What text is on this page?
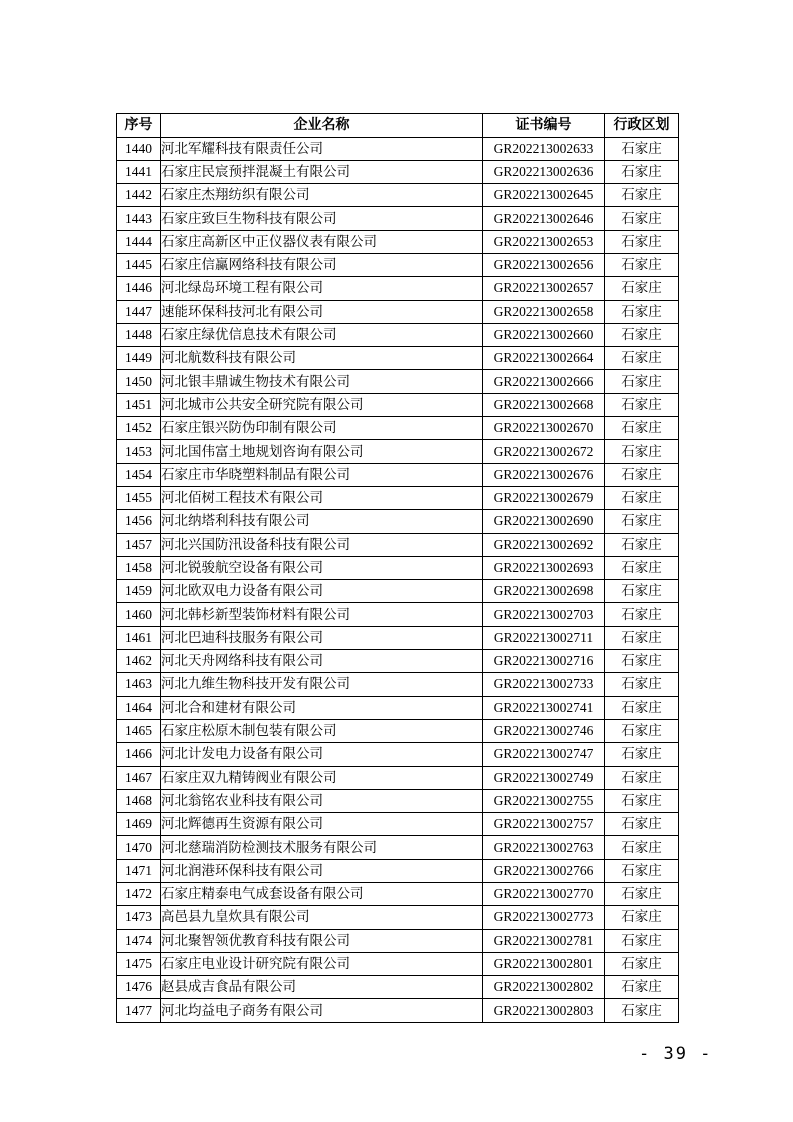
序号	企业名称	证书编号	行政区划
1440	河北军耀科技有限责任公司	GR202213002633	石家庄
1441	石家庄民宸预拌混凝土有限公司	GR202213002636	石家庄
1442	石家庄杰翔纺织有限公司	GR202213002645	石家庄
1443	石家庄致巨生物科技有限公司	GR202213002646	石家庄
1444	石家庄高新区中正仪器仪表有限公司	GR202213002653	石家庄
1445	石家庄信赢网络科技有限公司	GR202213002656	石家庄
1446	河北绿岛环境工程有限公司	GR202213002657	石家庄
1447	速能环保科技河北有限公司	GR202213002658	石家庄
1448	石家庄绿优信息技术有限公司	GR202213002660	石家庄
1449	河北航数科技有限公司	GR202213002664	石家庄
1450	河北银丰鼎诚生物技术有限公司	GR202213002666	石家庄
1451	河北城市公共安全研究院有限公司	GR202213002668	石家庄
1452	石家庄银兴防伪印制有限公司	GR202213002670	石家庄
1453	河北国伟富土地规划咨询有限公司	GR202213002672	石家庄
1454	石家庄市华晓塑料制品有限公司	GR202213002676	石家庄
1455	河北佰树工程技术有限公司	GR202213002679	石家庄
1456	河北纳塔利科技有限公司	GR202213002690	石家庄
1457	河北兴国防汛设备科技有限公司	GR202213002692	石家庄
1458	河北锐骏航空设备有限公司	GR202213002693	石家庄
1459	河北欧双电力设备有限公司	GR202213002698	石家庄
1460	河北韩杉新型装饰材料有限公司	GR202213002703	石家庄
1461	河北巴迪科技服务有限公司	GR202213002711	石家庄
1462	河北天舟网络科技有限公司	GR202213002716	石家庄
1463	河北九维生物科技开发有限公司	GR202213002733	石家庄
1464	河北合和建材有限公司	GR202213002741	石家庄
1465	石家庄松原木制包装有限公司	GR202213002746	石家庄
1466	河北计发电力设备有限公司	GR202213002747	石家庄
1467	石家庄双九精铸阀业有限公司	GR202213002749	石家庄
1468	河北翁铭农业科技有限公司	GR202213002755	石家庄
1469	河北辉德再生资源有限公司	GR202213002757	石家庄
1470	河北慈瑞消防检测技术服务有限公司	GR202213002763	石家庄
1471	河北润港环保科技有限公司	GR202213002766	石家庄
1472	石家庄精泰电气成套设备有限公司	GR202213002770	石家庄
1473	高邑县九皇炊具有限公司	GR202213002773	石家庄
1474	河北聚智领优教育科技有限公司	GR202213002781	石家庄
1475	石家庄电业设计研究院有限公司	GR202213002801	石家庄
1476	赵县成吉食品有限公司	GR202213002802	石家庄
1477	河北均益电子商务有限公司	GR202213002803	石家庄
- 39 -
